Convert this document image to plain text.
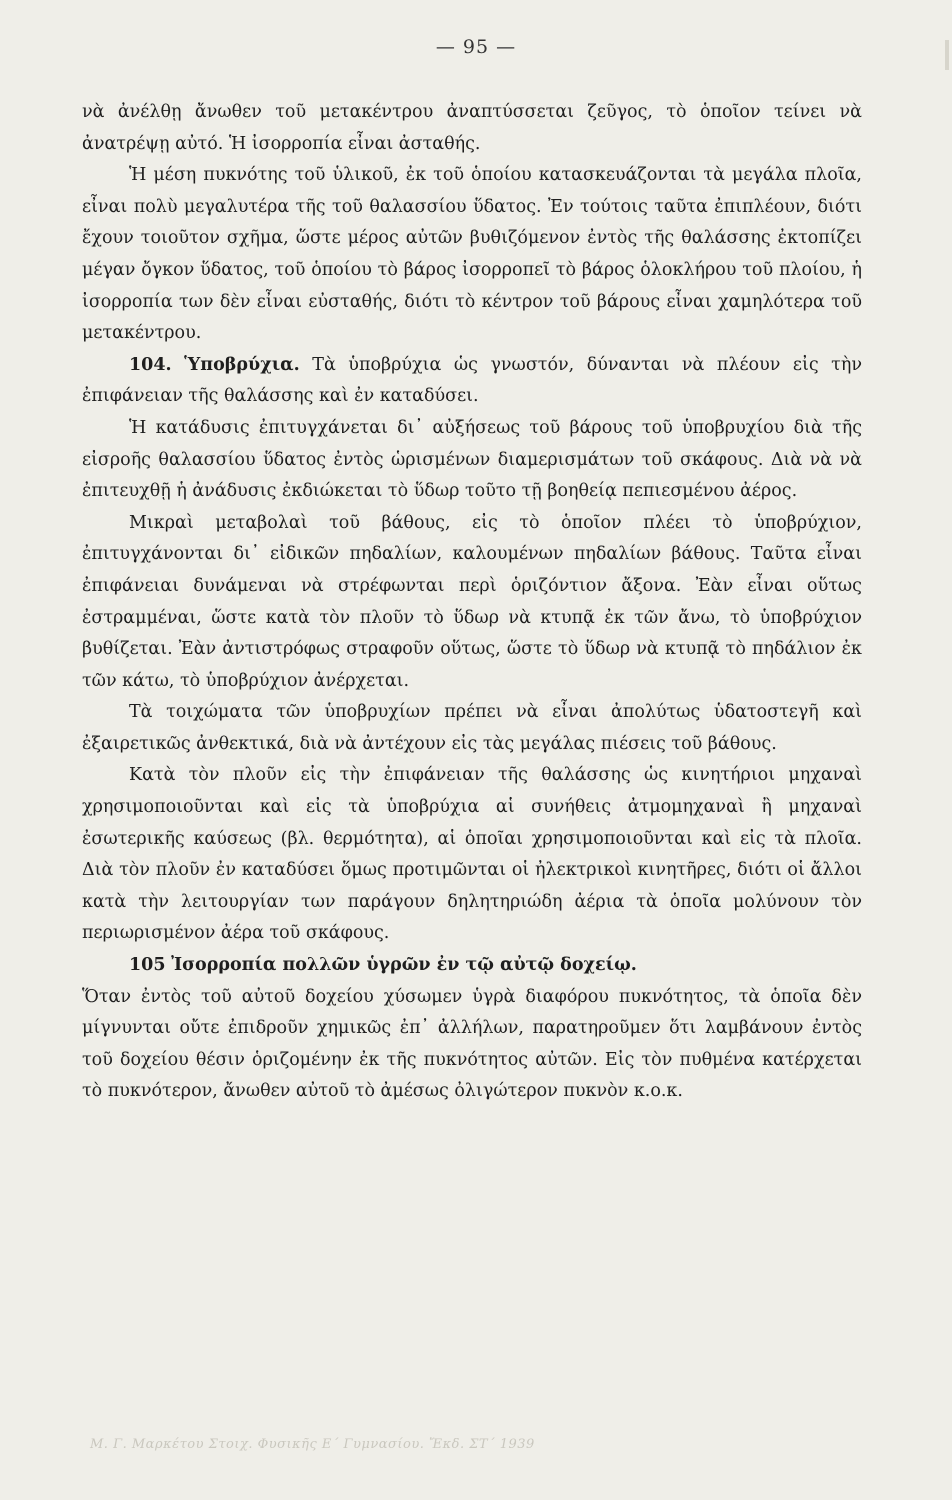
— 95 —

νὰ ἀνέλθῃ ἄνωθεν τοῦ μετακέντρου ἀναπτύσσεται ζεῦγος, τὸ ὁποῖον τείνει νὰ ἀνατρέψῃ αὐτό. Ἡ ἰσορροπία εἶναι ἀσταθής.

Ἡ μέση πυκνότης τοῦ ὑλικοῦ, ἐκ τοῦ ὁποίου κατασκευάζονται τὰ μεγάλα πλοῖα, εἶναι πολὺ μεγαλυτέρα τῆς τοῦ θαλασσίου ὕδατος. Ἐν τούτοις ταῦτα ἐπιπλέουν, διότι ἔχουν τοιοῦτον σχῆμα, ὥστε μέρος αὐτῶν βυθιζόμενον ἐντὸς τῆς θαλάσσης ἐκτοπίζει μέγαν ὄγκον ὕδατος, τοῦ ὁποίου τὸ βάρος ἰσορροπεῖ τὸ βάρος ὁλοκλήρου τοῦ πλοίου, ἡ ἰσορροπία των δὲν εἶναι εὐσταθής, διότι τὸ κέντρον τοῦ βάρους εἶναι χαμηλότερα τοῦ μετακέντρου.

104. Ὑποβρύχια. Τὰ ὑποβρύχια ὡς γνωστόν, δύνανται νὰ πλέουν εἰς τὴν ἐπιφάνειαν τῆς θαλάσσης καὶ ἐν καταδύσει.

Ἡ κατάδυσις ἐπιτυγχάνεται δι᾽ αὐξήσεως τοῦ βάρους τοῦ ὑποβρυχίου διὰ τῆς εἰσροῆς θαλασσίου ὕδατος ἐντὸς ὡρισμένων διαμερισμάτων τοῦ σκάφους. Διὰ νὰ νὰ ἐπιτευχθῇ ἡ ἀνάδυσις ἐκδιώκεται τὸ ὕδωρ τοῦτο τῇ βοηθείᾳ πεπιεσμένου ἀέρος.

Μικραὶ μεταβολαὶ τοῦ βάθους, εἰς τὸ ὁποῖον πλέει τὸ ὑποβρύχιον, ἐπιτυγχάνονται δι᾽ εἰδικῶν πηδαλίων, καλουμένων πηδαλίων βάθους. Ταῦτα εἶναι ἐπιφάνειαι δυνάμεναι νὰ στρέφωνται περὶ ὁριζόντιον ἄξονα. Ἐὰν εἶναι οὕτως ἐστραμμέναι, ὥστε κατὰ τὸν πλοῦν τὸ ὕδωρ νὰ κτυπᾷ ἐκ τῶν ἄνω, τὸ ὑποβρύχιον βυθίζεται. Ἐὰν ἀντιστρόφως στραφοῦν οὕτως, ὥστε τὸ ὕδωρ νὰ κτυπᾷ τὸ πηδάλιον ἐκ τῶν κάτω, τὸ ὑποβρύχιον ἀνέρχεται.

Τὰ τοιχώματα τῶν ὑποβρυχίων πρέπει νὰ εἶναι ἀπολύτως ὑδατοστεγῆ καὶ ἐξαιρετικῶς ἀνθεκτικά, διὰ νὰ ἀντέχουν εἰς τὰς μεγάλας πιέσεις τοῦ βάθους.

Κατὰ τὸν πλοῦν εἰς τὴν ἐπιφάνειαν τῆς θαλάσσης ὡς κινητήριοι μηχαναὶ χρησιμοποιοῦνται καὶ εἰς τὰ ὑποβρύχια αἱ συνήθεις ἀτμομηχαναὶ ἢ μηχαναὶ ἐσωτερικῆς καύσεως (βλ. θερμότητα), αἱ ὁποῖαι χρησιμοποιοῦνται καὶ εἰς τὰ πλοῖα. Διὰ τὸν πλοῦν ἐν καταδύσει ὅμως προτιμῶνται οἱ ἠλεκτρικοὶ κινητῆρες, διότι οἱ ἄλλοι κατὰ τὴν λειτουργίαν των παράγουν δηλητηριώδη ἀέρια τὰ ὁποῖα μολύνουν τὸν περιωρισμένον ἀέρα τοῦ σκάφους.

105 Ἰσορροπία πολλῶν ὑγρῶν ἐν τῷ αὐτῷ δοχείῳ.

Ὅταν ἐντὸς τοῦ αὐτοῦ δοχείου χύσωμεν ὑγρὰ διαφόρου πυκνότητος, τὰ ὁποῖα δὲν μίγνυνται οὔτε ἐπιδροῦν χημικῶς ἐπ᾽ ἀλλήλων, παρατηροῦμεν ὅτι λαμβάνουν ἐντὸς τοῦ δοχείου θέσιν ὁριζομένην ἐκ τῆς πυκνότητος αὐτῶν. Εἰς τὸν πυθμένα κατέρχεται τὸ πυκνότερον, ἄνωθεν αὐτοῦ τὸ ἀμέσως ὀλιγώτερον πυκνὸν κ.ο.κ.

Μ. Γ. Μαρκέτου Στοιχ. Φυσικῆς Ε΄ Γυμνασίου. Ἔκδ. ΣΤ΄ 1939
